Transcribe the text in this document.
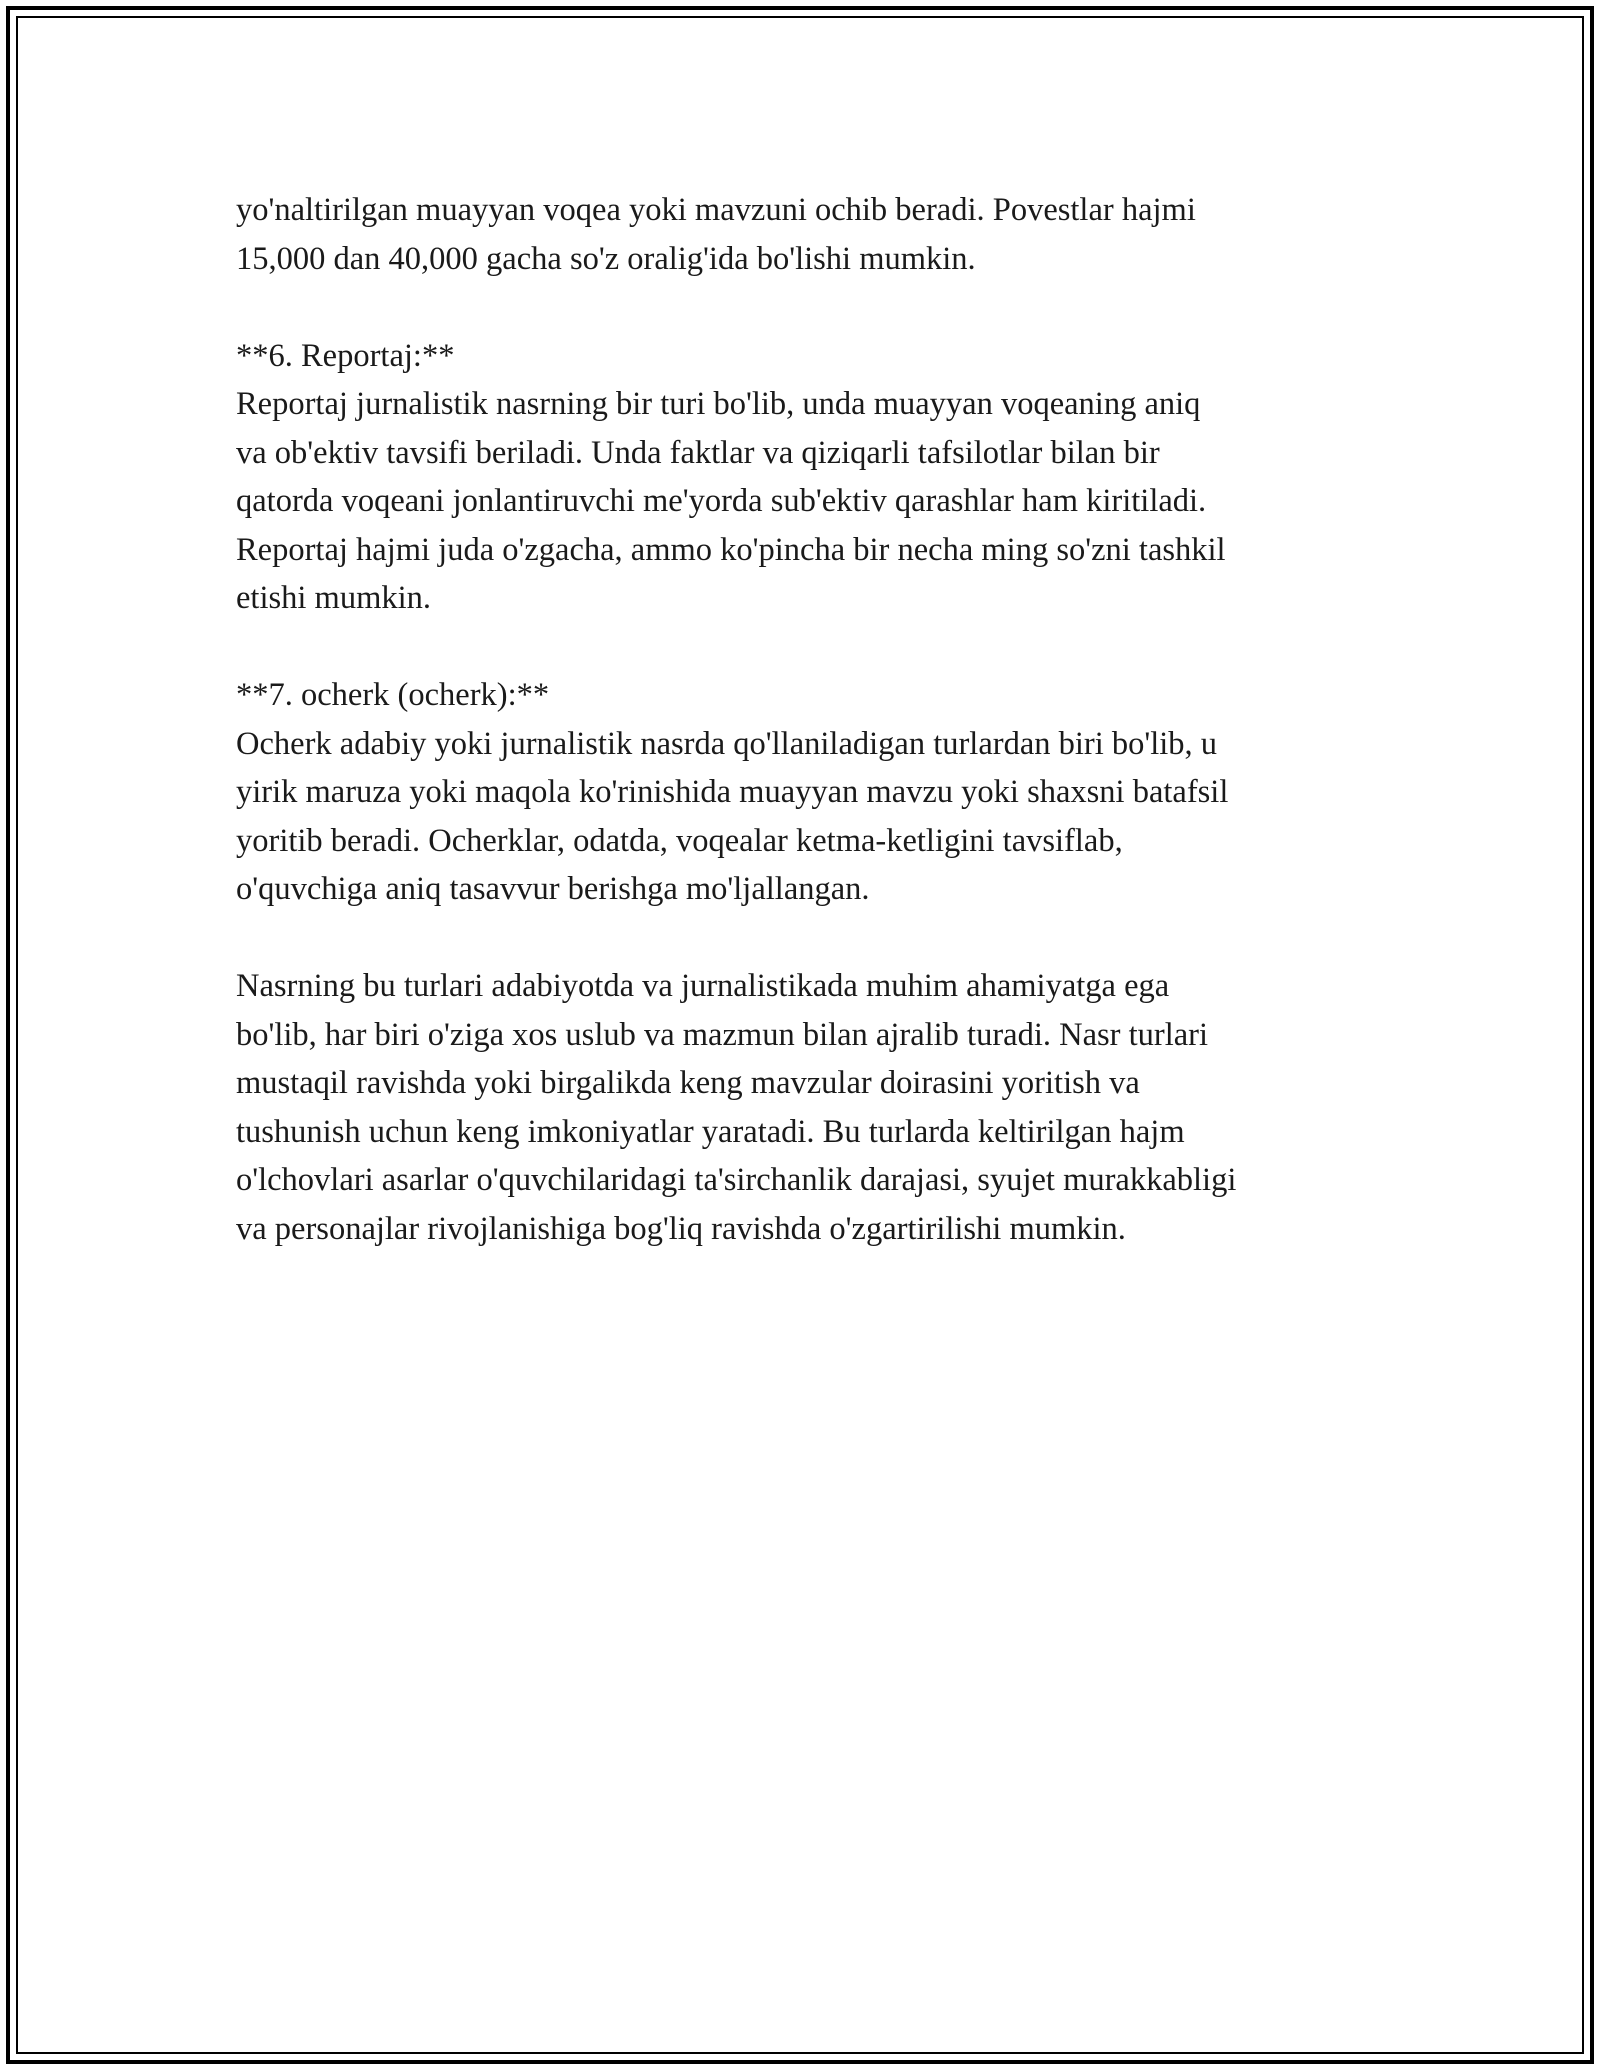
yo'naltirilgan muayyan voqea yoki mavzuni ochib beradi. Povestlar hajmi
15,000 dan 40,000 gacha so'z oralig'ida bo'lishi mumkin.
**6. Reportaj:**
Reportaj jurnalistik nasrning bir turi bo'lib, unda muayyan voqeaning aniq
va ob'ektiv tavsifi beriladi. Unda faktlar va qiziqarli tafsilotlar bilan bir
qatorda voqeani jonlantiruvchi me'yorda sub'ektiv qarashlar ham kiritiladi.
Reportaj hajmi juda o'zgacha, ammo ko'pincha bir necha ming so'zni tashkil
etishi mumkin.
**7. ocherk (ocherk):**
Ocherk adabiy yoki jurnalistik nasrda qo'llaniladigan turlardan biri bo'lib, u
yirik maruza yoki maqola ko'rinishida muayyan mavzu yoki shaxsni batafsil
yoritib beradi. Ocherklar, odatda, voqealar ketma-ketligini tavsiflab,
o'quvchiga aniq tasavvur berishga mo'ljallangan.
Nasrning bu turlari adabiyotda va jurnalistikada muhim ahamiyatga ega
bo'lib, har biri o'ziga xos uslub va mazmun bilan ajralib turadi. Nasr turlari
mustaqil ravishda yoki birgalikda keng mavzular doirasini yoritish va
tushunish uchun keng imkoniyatlar yaratadi. Bu turlarda keltirilgan hajm
o'lchovlari asarlar o'quvchilaridagi ta'sirchanlik darajasi, syujet murakkabligi
va personajlar rivojlanishiga bog'liq ravishda o'zgartirilishi mumkin.
